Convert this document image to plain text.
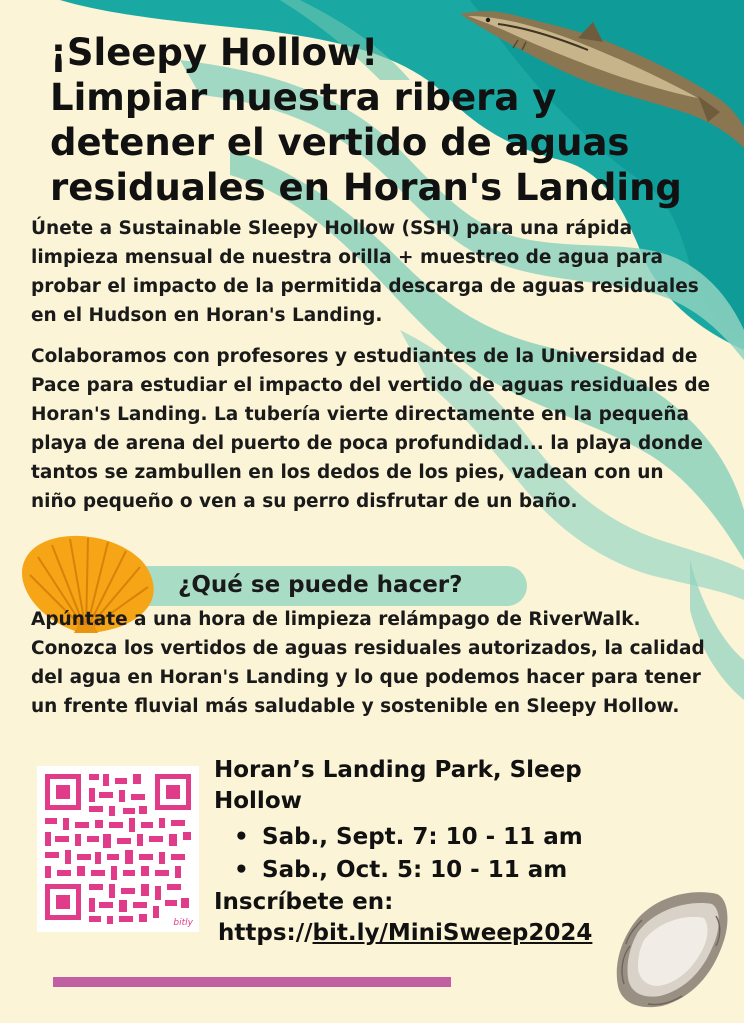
¡Sleepy Hollow!
Limpiar nuestra ribera y
detener el vertido de aguas
residuales en Horan's Landing

Únete a Sustainable Sleepy Hollow (SSH) para una rápida limpieza mensual de nuestra orilla + muestreo de agua para probar el impacto de la permitida descarga de aguas residuales en el Hudson en Horan's Landing.

Colaboramos con profesores y estudiantes de la Universidad de Pace para estudiar el impacto del vertido de aguas residuales de Horan's Landing. La tubería vierte directamente en la pequeña playa de arena del puerto de poca profundidad... la playa donde tantos se zambullen en los dedos de los pies, vadean con un niño pequeño o ven a su perro disfrutar de un baño.

¿Qué se puede hacer?

Apúntate a una hora de limpieza relámpago de RiverWalk. Conozca los vertidos de aguas residuales autorizados, la calidad del agua en Horan's Landing y lo que podemos hacer para tener un frente fluvial más saludable y sostenible en Sleepy Hollow.

bitly
Horan’s Landing Park, Sleep Hollow
• Sab., Sept. 7: 10 - 11 am
• Sab., Oct. 5: 10 - 11 am
Inscríbete en:
https://bit.ly/MiniSweep2024
